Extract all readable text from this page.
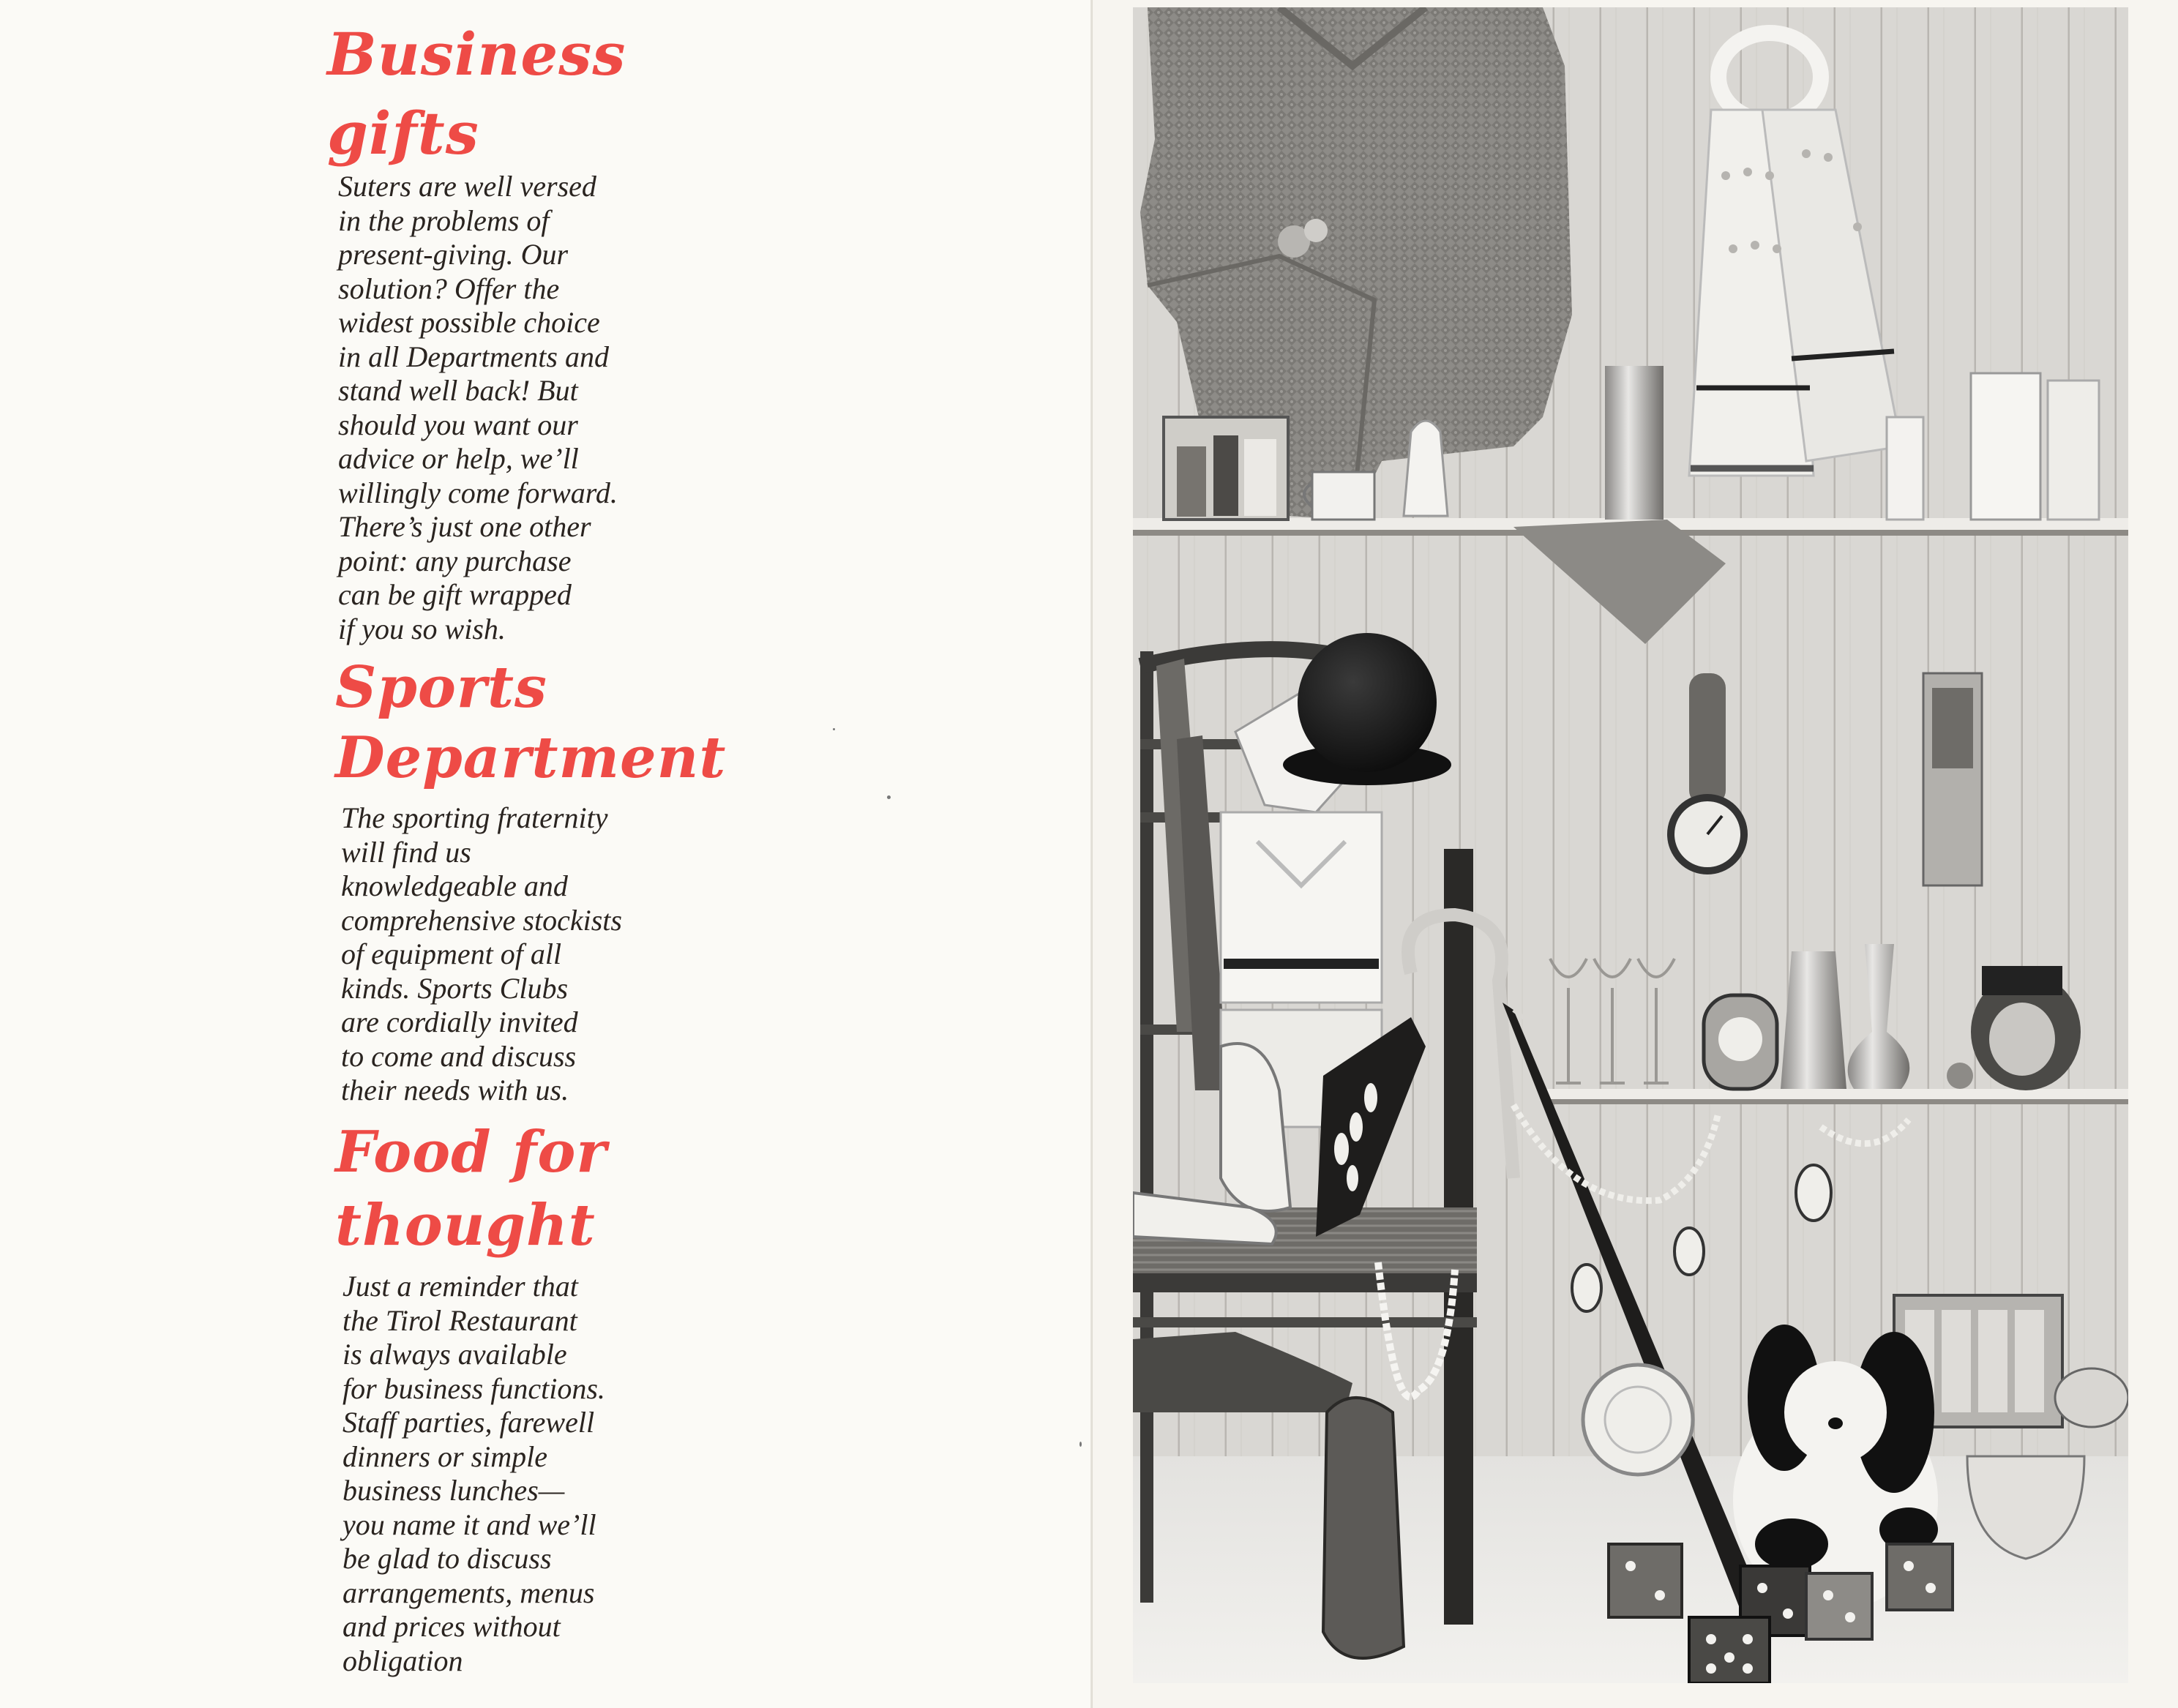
Business
gifts
Suters are well versed
in the problems of
present-giving. Our
solution? Offer the
widest possible choice
in all Departments and
stand well back! But
should you want our
advice or help, we’ll
willingly come forward.
There’s just one other
point: any purchase
can be gift wrapped
if you so wish.
Sports
Department
The sporting fraternity
will find us
knowledgeable and
comprehensive stockists
of equipment of all
kinds. Sports Clubs
are cordially invited
to come and discuss
their needs with us.
Food for
thought
Just a reminder that
the Tirol Restaurant
is always available
for business functions.
Staff parties, farewell
dinners or simple
business lunches—
you name it and we’ll
be glad to discuss
arrangements, menus
and prices without
obligation
